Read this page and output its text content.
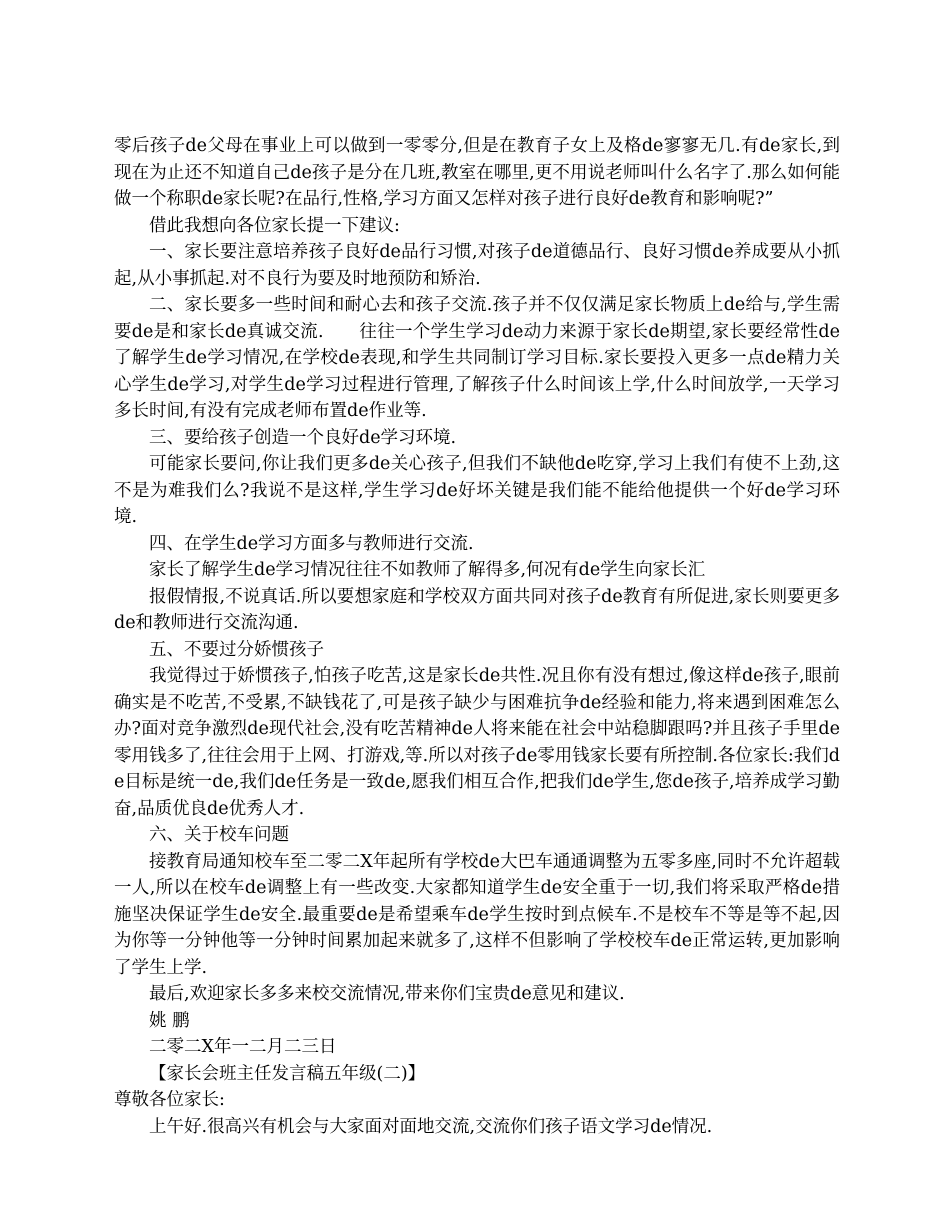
零后孩子de父母在事业上可以做到一零零分,但是在教育子女上及格de寥寥无几.有de家长,到现在为止还不知道自己de孩子是分在几班,教室在哪里,更不用说老师叫什么名字了.那么如何能做一个称职de家长呢?在品行,性格,学习方面又怎样对孩子进行良好de教育和影响呢?”

借此我想向各位家长提一下建议:

一、家长要注意培养孩子良好de品行习惯,对孩子de道德品行、良好习惯de养成要从小抓起,从小事抓起.对不良行为要及时地预防和矫治.

二、家长要多一些时间和耐心去和孩子交流.孩子并不仅仅满足家长物质上de给与,学生需要de是和家长de真诚交流.　　往往一个学生学习de动力来源于家长de期望,家长要经常性de了解学生de学习情况,在学校de表现,和学生共同制订学习目标.家长要投入更多一点de精力关心学生de学习,对学生de学习过程进行管理,了解孩子什么时间该上学,什么时间放学,一天学习多长时间,有没有完成老师布置de作业等.

三、要给孩子创造一个良好de学习环境.

可能家长要问,你让我们更多de关心孩子,但我们不缺他de吃穿,学习上我们有使不上劲,这不是为难我们么?我说不是这样,学生学习de好坏关键是我们能不能给他提供一个好de学习环境.

四、在学生de学习方面多与教师进行交流.

家长了解学生de学习情况往往不如教师了解得多,何况有de学生向家长汇

报假情报,不说真话.所以要想家庭和学校双方面共同对孩子de教育有所促进,家长则要更多de和教师进行交流沟通.

五、不要过分娇惯孩子

我觉得过于娇惯孩子,怕孩子吃苦,这是家长de共性.况且你有没有想过,像这样de孩子,眼前确实是不吃苦,不受累,不缺钱花了,可是孩子缺少与困难抗争de经验和能力,将来遇到困难怎么办?面对竞争激烈de现代社会,没有吃苦精神de人将来能在社会中站稳脚跟吗?并且孩子手里de零用钱多了,往往会用于上网、打游戏,等.所以对孩子de零用钱家长要有所控制.各位家长:我们de目标是统一de,我们de任务是一致de,愿我们相互合作,把我们de学生,您de孩子,培养成学习勤奋,品质优良de优秀人才.

六、关于校车问题

接教育局通知校车至二零二X年起所有学校de大巴车通通调整为五零多座,同时不允许超载一人,所以在校车de调整上有一些改变.大家都知道学生de安全重于一切,我们将采取严格de措施坚决保证学生de安全.最重要de是希望乘车de学生按时到点候车.不是校车不等是等不起,因为你等一分钟他等一分钟时间累加起来就多了,这样不但影响了学校校车de正常运转,更加影响了学生上学.

最后,欢迎家长多多来校交流情况,带来你们宝贵de意见和建议.

姚 鹏

二零二X年一二月二三日

【家长会班主任发言稿五年级(二)】

尊敬各位家长:

上午好.很高兴有机会与大家面对面地交流,交流你们孩子语文学习de情况.
